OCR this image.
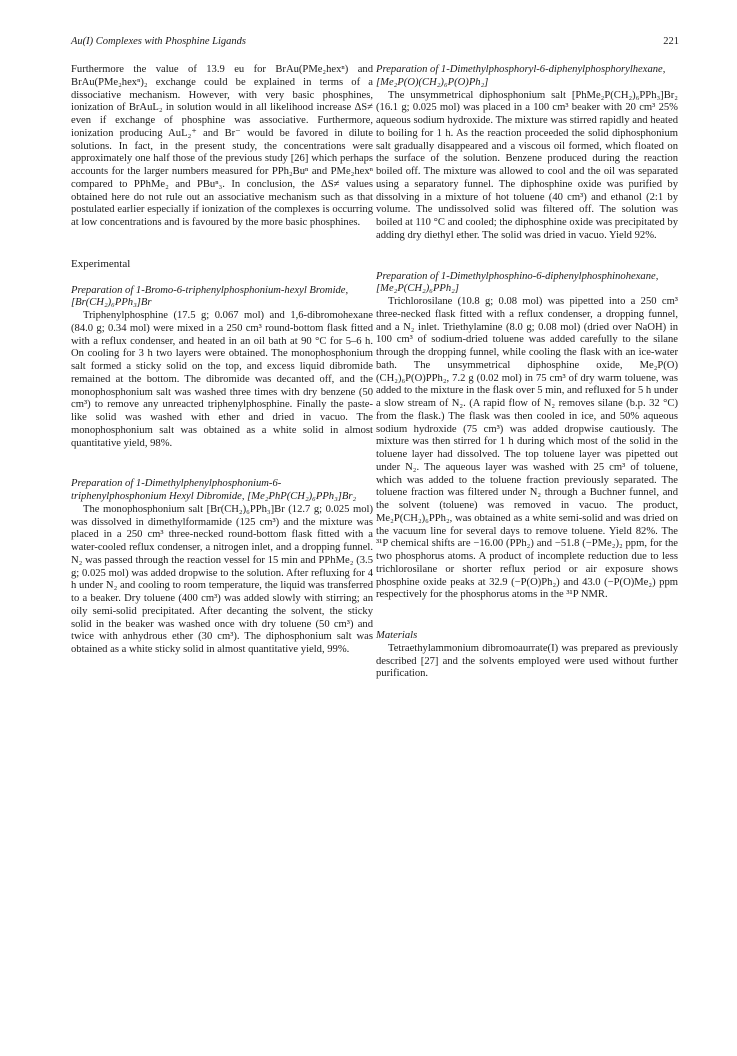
Au(I) Complexes with Phosphine Ligands	221

Furthermore the value of 13.9 eu for BrAu(PMe₂hexⁿ) and BrAu(PMe₂hexⁿ)₂ exchange could be explained in terms of a dissociative mechanism. However, with very basic phosphines, ionization of BrAuL₂ in solution would in all likelihood increase ΔS≠ even if exchange of phosphine was associative. Furthermore, ionization producing AuL₂⁺ and Br⁻ would be favored in dilute solutions. In fact, in the present study, the concentrations were approximately one half those of the previous study [26] which perhaps accounts for the larger numbers measured for PPh₂Buⁿ and PMe₂hexⁿ compared to PPhMe₂ and PBuⁿ₃. In conclusion, the ΔS≠ values obtained here do not rule out an associative mechanism such as that postulated earlier especially if ionization of the complexes is occurring at low concentrations and is favoured by the more basic phosphines.

Experimental
Preparation of 1-Bromo-6-triphenylphosphonium-hexyl Bromide, [Br(CH₂)₆PPh₃]Br

Triphenylphosphine (17.5 g; 0.067 mol) and 1,6-dibromohexane (84.0 g; 0.34 mol) were mixed in a 250 cm³ round-bottom flask fitted with a reflux condenser, and heated in an oil bath at 90 °C for 5–6 h. On cooling for 3 h two layers were obtained. The monophosphonium salt formed a sticky solid on the top, and excess liquid dibromide remained at the bottom. The dibromide was decanted off, and the monophosphonium salt was washed three times with dry benzene (50 cm³) to remove any unreacted triphenylphosphine. Finally the paste-like solid was washed with ether and dried in vacuo. The monophosphonium salt was obtained as a white solid in almost quantitative yield, 98%.

Preparation of 1-Dimethylphenylphosphonium-6-triphenylphosphonium Hexyl Dibromide, [Me₂PhP(CH₂)₆PPh₃]Br₂

The monophosphonium salt [Br(CH₂)₆PPh₃]Br (12.7 g; 0.025 mol) was dissolved in dimethylformamide (125 cm³) and the mixture was placed in a 250 cm³ three-necked round-bottom flask fitted with a water-cooled reflux condenser, a nitrogen inlet, and a dropping funnel. N₂ was passed through the reaction vessel for 15 min and PPhMe₂ (3.5 g; 0.025 mol) was added dropwise to the solution. After refluxing for 4 h under N₂ and cooling to room temperature, the liquid was transferred to a beaker. Dry toluene (400 cm³) was added slowly with stirring; an oily semi-solid precipitated. After decanting the solvent, the sticky solid in the beaker was washed once with dry toluene (50 cm³) and twice with anhydrous ether (30 cm³). The diphosphonium salt was obtained as a white sticky solid in almost quantitative yield, 99%.

Preparation of 1-Dimethylphosphoryl-6-diphenylphosphorylhexane, [Me₂P(O)(CH₂)₆P(O)Ph₂]

The unsymmetrical diphosphonium salt [PhMe₂P(CH₂)₆PPh₃]Br₂ (16.1 g; 0.025 mol) was placed in a 100 cm³ beaker with 20 cm³ 25% aqueous sodium hydroxide. The mixture was stirred rapidly and heated to boiling for 1 h. As the reaction proceeded the solid diphosphonium salt gradually disappeared and a viscous oil formed, which floated on the surface of the solution. Benzene produced during the reaction boiled off. The mixture was allowed to cool and the oil was separated using a separatory funnel. The diphosphine oxide was purified by dissolving in a mixture of hot toluene (40 cm³) and ethanol (2:1 by volume. The undissolved solid was filtered off. The solution was boiled at 110 °C and cooled; the diphosphine oxide was precipitated by adding dry diethyl ether. The solid was dried in vacuo. Yield 92%.

Preparation of 1-Dimethylphosphino-6-diphenylphosphinohexane, [Me₂P(CH₂)₆PPh₂]

Trichlorosilane (10.8 g; 0.08 mol) was pipetted into a 250 cm³ three-necked flask fitted with a reflux condenser, a dropping funnel, and a N₂ inlet. Triethylamine (8.0 g; 0.08 mol) (dried over NaOH) in 100 cm³ of sodium-dried toluene was added carefully to the silane through the dropping funnel, while cooling the flask with an ice-water bath. The unsymmetrical diphosphine oxide, Me₂P(O)(CH₂)₆P(O)PPh₂, 7.2 g (0.02 mol) in 75 cm³ of dry warm toluene, was added to the mixture in the flask over 5 min, and refluxed for 5 h under a slow stream of N₂. (A rapid flow of N₂ removes silane (b.p. 32 °C) from the flask.) The flask was then cooled in ice, and 50% aqueous sodium hydroxide (75 cm³) was added dropwise cautiously. The mixture was then stirred for 1 h during which most of the solid in the toluene layer had dissolved. The top toluene layer was pipetted out under N₂. The aqueous layer was washed with 25 cm³ of toluene, which was added to the toluene fraction previously separated. The toluene fraction was filtered under N₂ through a Buchner funnel, and the solvent (toluene) was removed in vacuo. The product, Me₂P(CH₂)₆PPh₂, was obtained as a white semi-solid and was dried on the vacuum line for several days to remove toluene. Yield 82%. The ³¹P chemical shifts are −16.00 (PPh₂) and −51.8 (−PMe₂)₂ ppm, for the two phosphorus atoms. A product of incomplete reduction due to less trichlorosilane or shorter reflux period or air exposure shows phosphine oxide peaks at 32.9 (−P(O)Ph₂) and 43.0 (−P(O)Me₂) ppm respectively for the phosphorus atoms in the ³¹P NMR.

Materials

Tetraethylammonium dibromoaurrate(I) was prepared as previously described [27] and the solvents employed were used without further purification.
